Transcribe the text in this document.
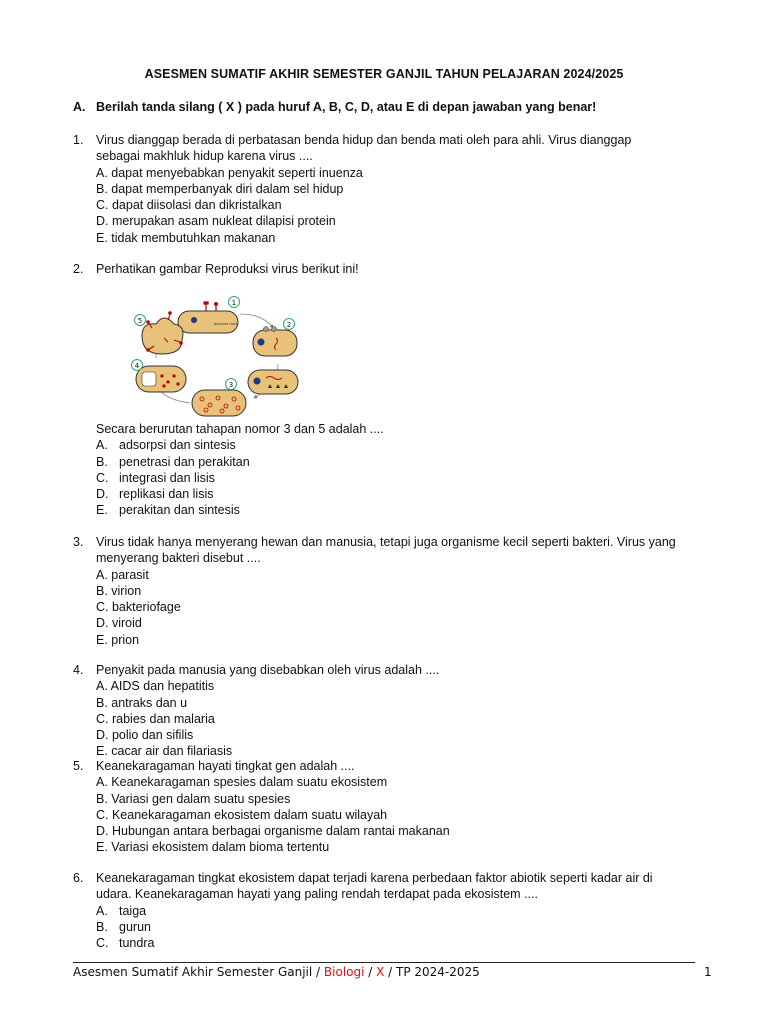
ASESMEN SUMATIF AKHIR SEMESTER GANJIL TAHUN PELAJARAN 2024/2025
A. Berilah tanda silang ( X ) pada huruf A, B, C, D, atau E di depan jawaban yang benar!
1.	Virus dianggap berada di perbatasan benda hidup dan benda mati oleh para ahli. Virus dianggap
sebagai makhluk hidup karena virus ....
A. dapat menyebabkan penyakit seperti inuenza
B. dapat memperbanyak diri dalam sel hidup
C. dapat diisolasi dan dikristalkan
D. merupakan asam nukleat dilapisi protein
E. tidak membutuhkan makanan
2.	Perhatikan gambar Reproduksi virus berikut ini!
bacteria host
1
2
3
4
5
Secara berurutan tahapan nomor 3 dan 5 adalah ....
A. adsorpsi dan sintesis
B. penetrasi dan perakitan
C. integrasi dan lisis
D. replikasi dan lisis
E. perakitan dan sintesis
3.	Virus tidak hanya menyerang hewan dan manusia, tetapi juga organisme kecil seperti bakteri. Virus yang
menyerang bakteri disebut ....
A. parasit
B. virion
C. bakteriofage
D. viroid
E. prion
4.	Penyakit pada manusia yang disebabkan oleh virus adalah ....
A. AIDS dan hepatitis
B. antraks dan u
C. rabies dan malaria
D. polio dan sifilis
E. cacar air dan filariasis
5.	Keanekaragaman hayati tingkat gen adalah ....
A. Keanekaragaman spesies dalam suatu ekosistem
B. Variasi gen dalam suatu spesies
C. Keanekaragaman ekosistem dalam suatu wilayah
D. Hubungan antara berbagai organisme dalam rantai makanan
E. Variasi ekosistem dalam bioma tertentu
6.	Keanekaragaman tingkat ekosistem dapat terjadi karena perbedaan faktor abiotik seperti kadar air di
udara. Keanekaragaman hayati yang paling rendah terdapat pada ekosistem ....
A. taiga
B. gurun
C. tundra
Asesmen Sumatif Akhir Semester Ganjil / Biologi / X / TP 2024-2025	1
